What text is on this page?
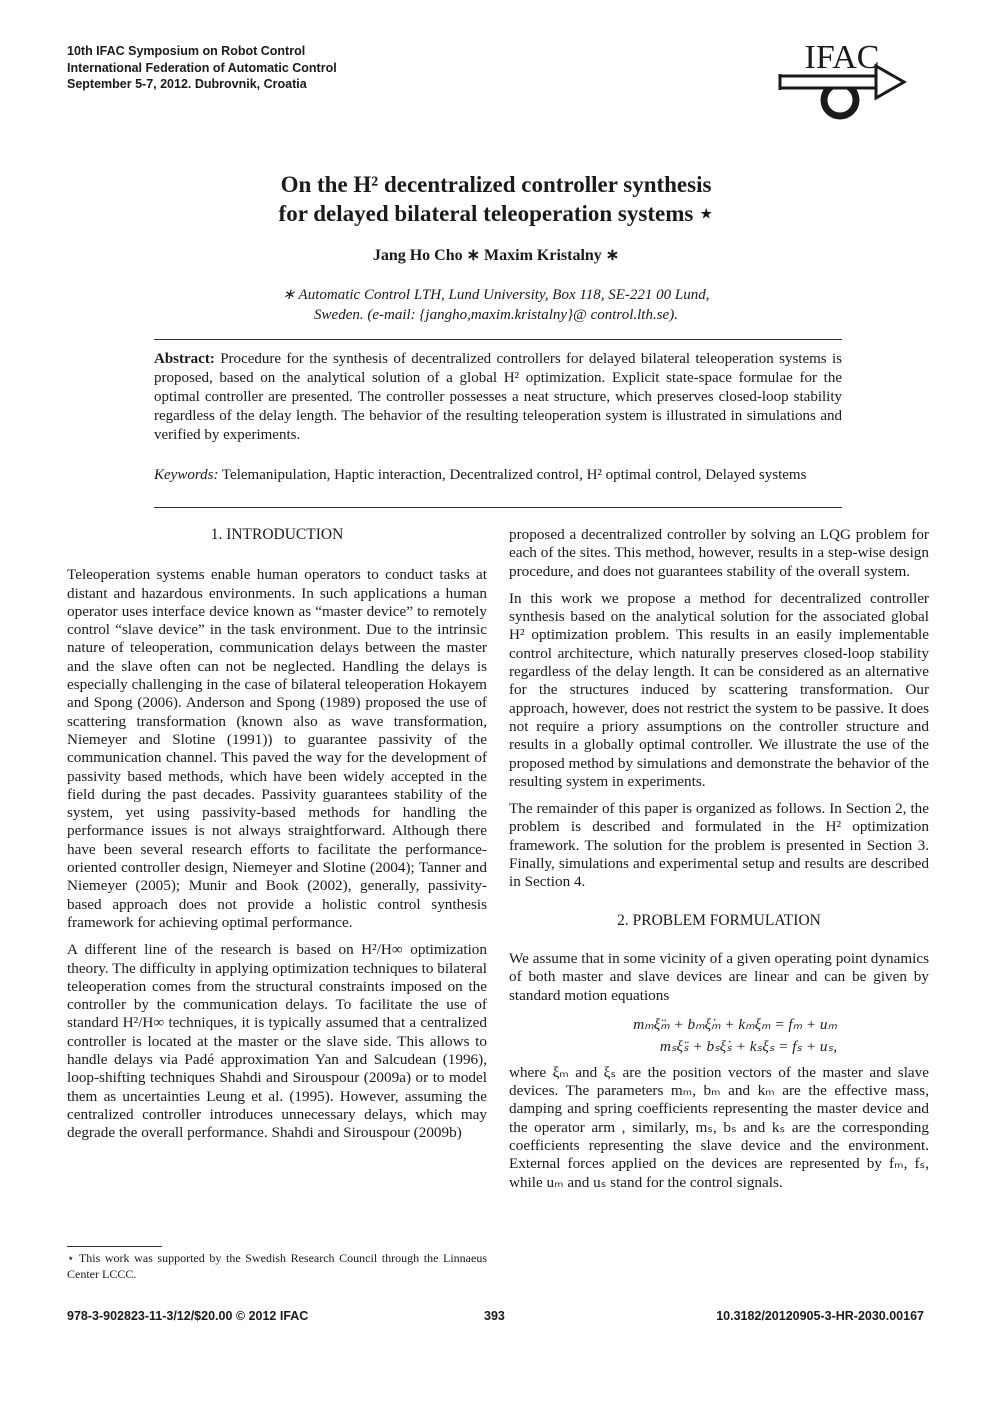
10th IFAC Symposium on Robot Control
International Federation of Automatic Control
September 5-7, 2012. Dubrovnik, Croatia
IFAC
On the H² decentralized controller synthesis
for delayed bilateral teleoperation systems ⋆
Jang Ho Cho ∗ Maxim Kristalny ∗
∗ Automatic Control LTH, Lund University, Box 118, SE-221 00 Lund,
Sweden. (e-mail: {jangho,maxim.kristalny}@ control.lth.se).
Abstract: Procedure for the synthesis of decentralized controllers for delayed bilateral teleoperation systems is proposed, based on the analytical solution of a global H² optimization. Explicit state-space formulae for the optimal controller are presented. The controller possesses a neat structure, which preserves closed-loop stability regardless of the delay length. The behavior of the resulting teleoperation system is illustrated in simulations and verified by experiments.
Keywords: Telemanipulation, Haptic interaction, Decentralized control, H² optimal control, Delayed systems

1. INTRODUCTION

Teleoperation systems enable human operators to conduct tasks at distant and hazardous environments. In such applications a human operator uses interface device known as “master device” to remotely control “slave device” in the task environment. Due to the intrinsic nature of teleoperation, communication delays between the master and the slave often can not be neglected. Handling the delays is especially challenging in the case of bilateral teleoperation Hokayem and Spong (2006). Anderson and Spong (1989) proposed the use of scattering transformation (known also as wave transformation, Niemeyer and Slotine (1991)) to guarantee passivity of the communication channel. This paved the way for the development of passivity based methods, which have been widely accepted in the field during the past decades. Passivity guarantees stability of the system, yet using passivity-based methods for handling the performance issues is not always straightforward. Although there have been several research efforts to facilitate the performance-oriented controller design, Niemeyer and Slotine (2004); Tanner and Niemeyer (2005); Munir and Book (2002), generally, passivity-based approach does not provide a holistic control synthesis framework for achieving optimal performance.

A different line of the research is based on H²/H∞ optimization theory. The difficulty in applying optimization techniques to bilateral teleoperation comes from the structural constraints imposed on the controller by the communication delays. To facilitate the use of standard H²/H∞ techniques, it is typically assumed that a centralized controller is located at the master or the slave side. This allows to handle delays via Padé approximation Yan and Salcudean (1996), loop-shifting techniques Shahdi and Sirouspour (2009a) or to model them as uncertainties Leung et al. (1995). However, assuming the centralized controller introduces unnecessary delays, which may degrade the overall performance. Shahdi and Sirouspour (2009b)

proposed a decentralized controller by solving an LQG problem for each of the sites. This method, however, results in a step-wise design procedure, and does not guarantees stability of the overall system.

In this work we propose a method for decentralized controller synthesis based on the analytical solution for the associated global H² optimization problem. This results in an easily implementable control architecture, which naturally preserves closed-loop stability regardless of the delay length. It can be considered as an alternative for the structures induced by scattering transformation. Our approach, however, does not restrict the system to be passive. It does not require a priory assumptions on the controller structure and results in a globally optimal controller. We illustrate the use of the proposed method by simulations and demonstrate the behavior of the resulting system in experiments.

The remainder of this paper is organized as follows. In Section 2, the problem is described and formulated in the H² optimization framework. The solution for the problem is presented in Section 3. Finally, simulations and experimental setup and results are described in Section 4.

2. PROBLEM FORMULATION

We assume that in some vicinity of a given operating point dynamics of both master and slave devices are linear and can be given by standard motion equations

mₘξ̈ₘ + bₘξ̇ₘ + kₘξₘ = fₘ + uₘ
mₛξ̈ₛ + bₛξ̇ₛ + kₛξₛ = fₛ + uₛ,

where ξₘ and ξₛ are the position vectors of the master and slave devices. The parameters mₘ, bₘ and kₘ are the effective mass, damping and spring coefficients representing the master device and the operator arm , similarly, mₛ, bₛ and kₛ are the corresponding coefficients representing the slave device and the environment. External forces applied on the devices are represented by fₘ, fₛ, while uₘ and uₛ stand for the control signals.

⋆ This work was supported by the Swedish Research Council through the Linnaeus Center LCCC.
978-3-902823-11-3/12/$20.00 © 2012 IFAC	393	10.3182/20120905-3-HR-2030.00167
